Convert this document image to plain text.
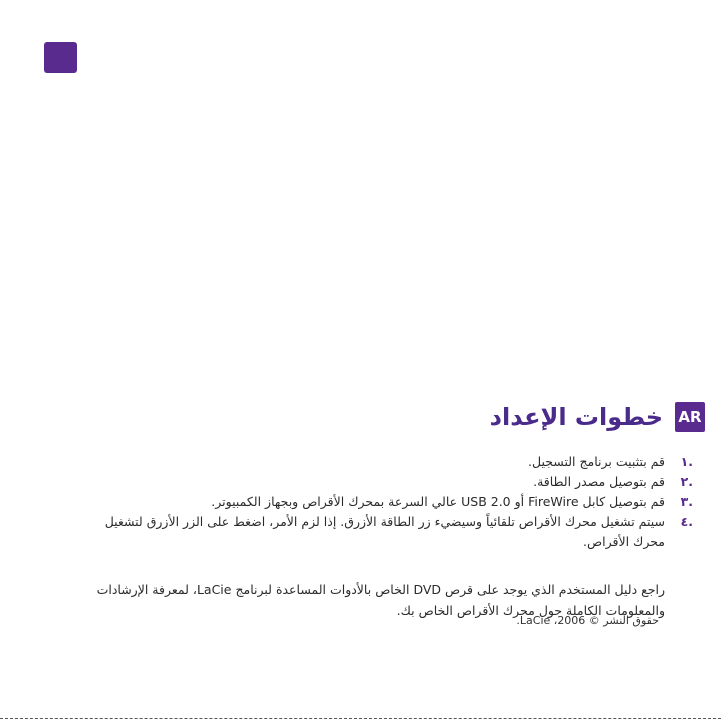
AR
خطوات الإعداد
.١
قم بتثبيت برنامج التسجيل.
.٢
قم بتوصيل مصدر الطاقة.
.٣
قم بتوصيل كابل FireWire أو USB 2.0 عالي السرعة بمحرك الأقراص وبجهاز الكمبيوتر.
.٤
سيتم تشغيل محرك الأقراص تلقائياً وسيضيء زر الطاقة الأزرق. إذا لزم الأمر، اضغط على الزر الأزرق لتشغيل محرك الأقراص.

راجع دليل المستخدم الذي يوجد على قرص DVD الخاص بالأدوات المساعدة لبرنامج LaCie، لمعرفة الإرشادات والمعلومات الكاملة حول محرك الأقراص الخاص بك.

حقوق النشر © 2006، LaCie.
